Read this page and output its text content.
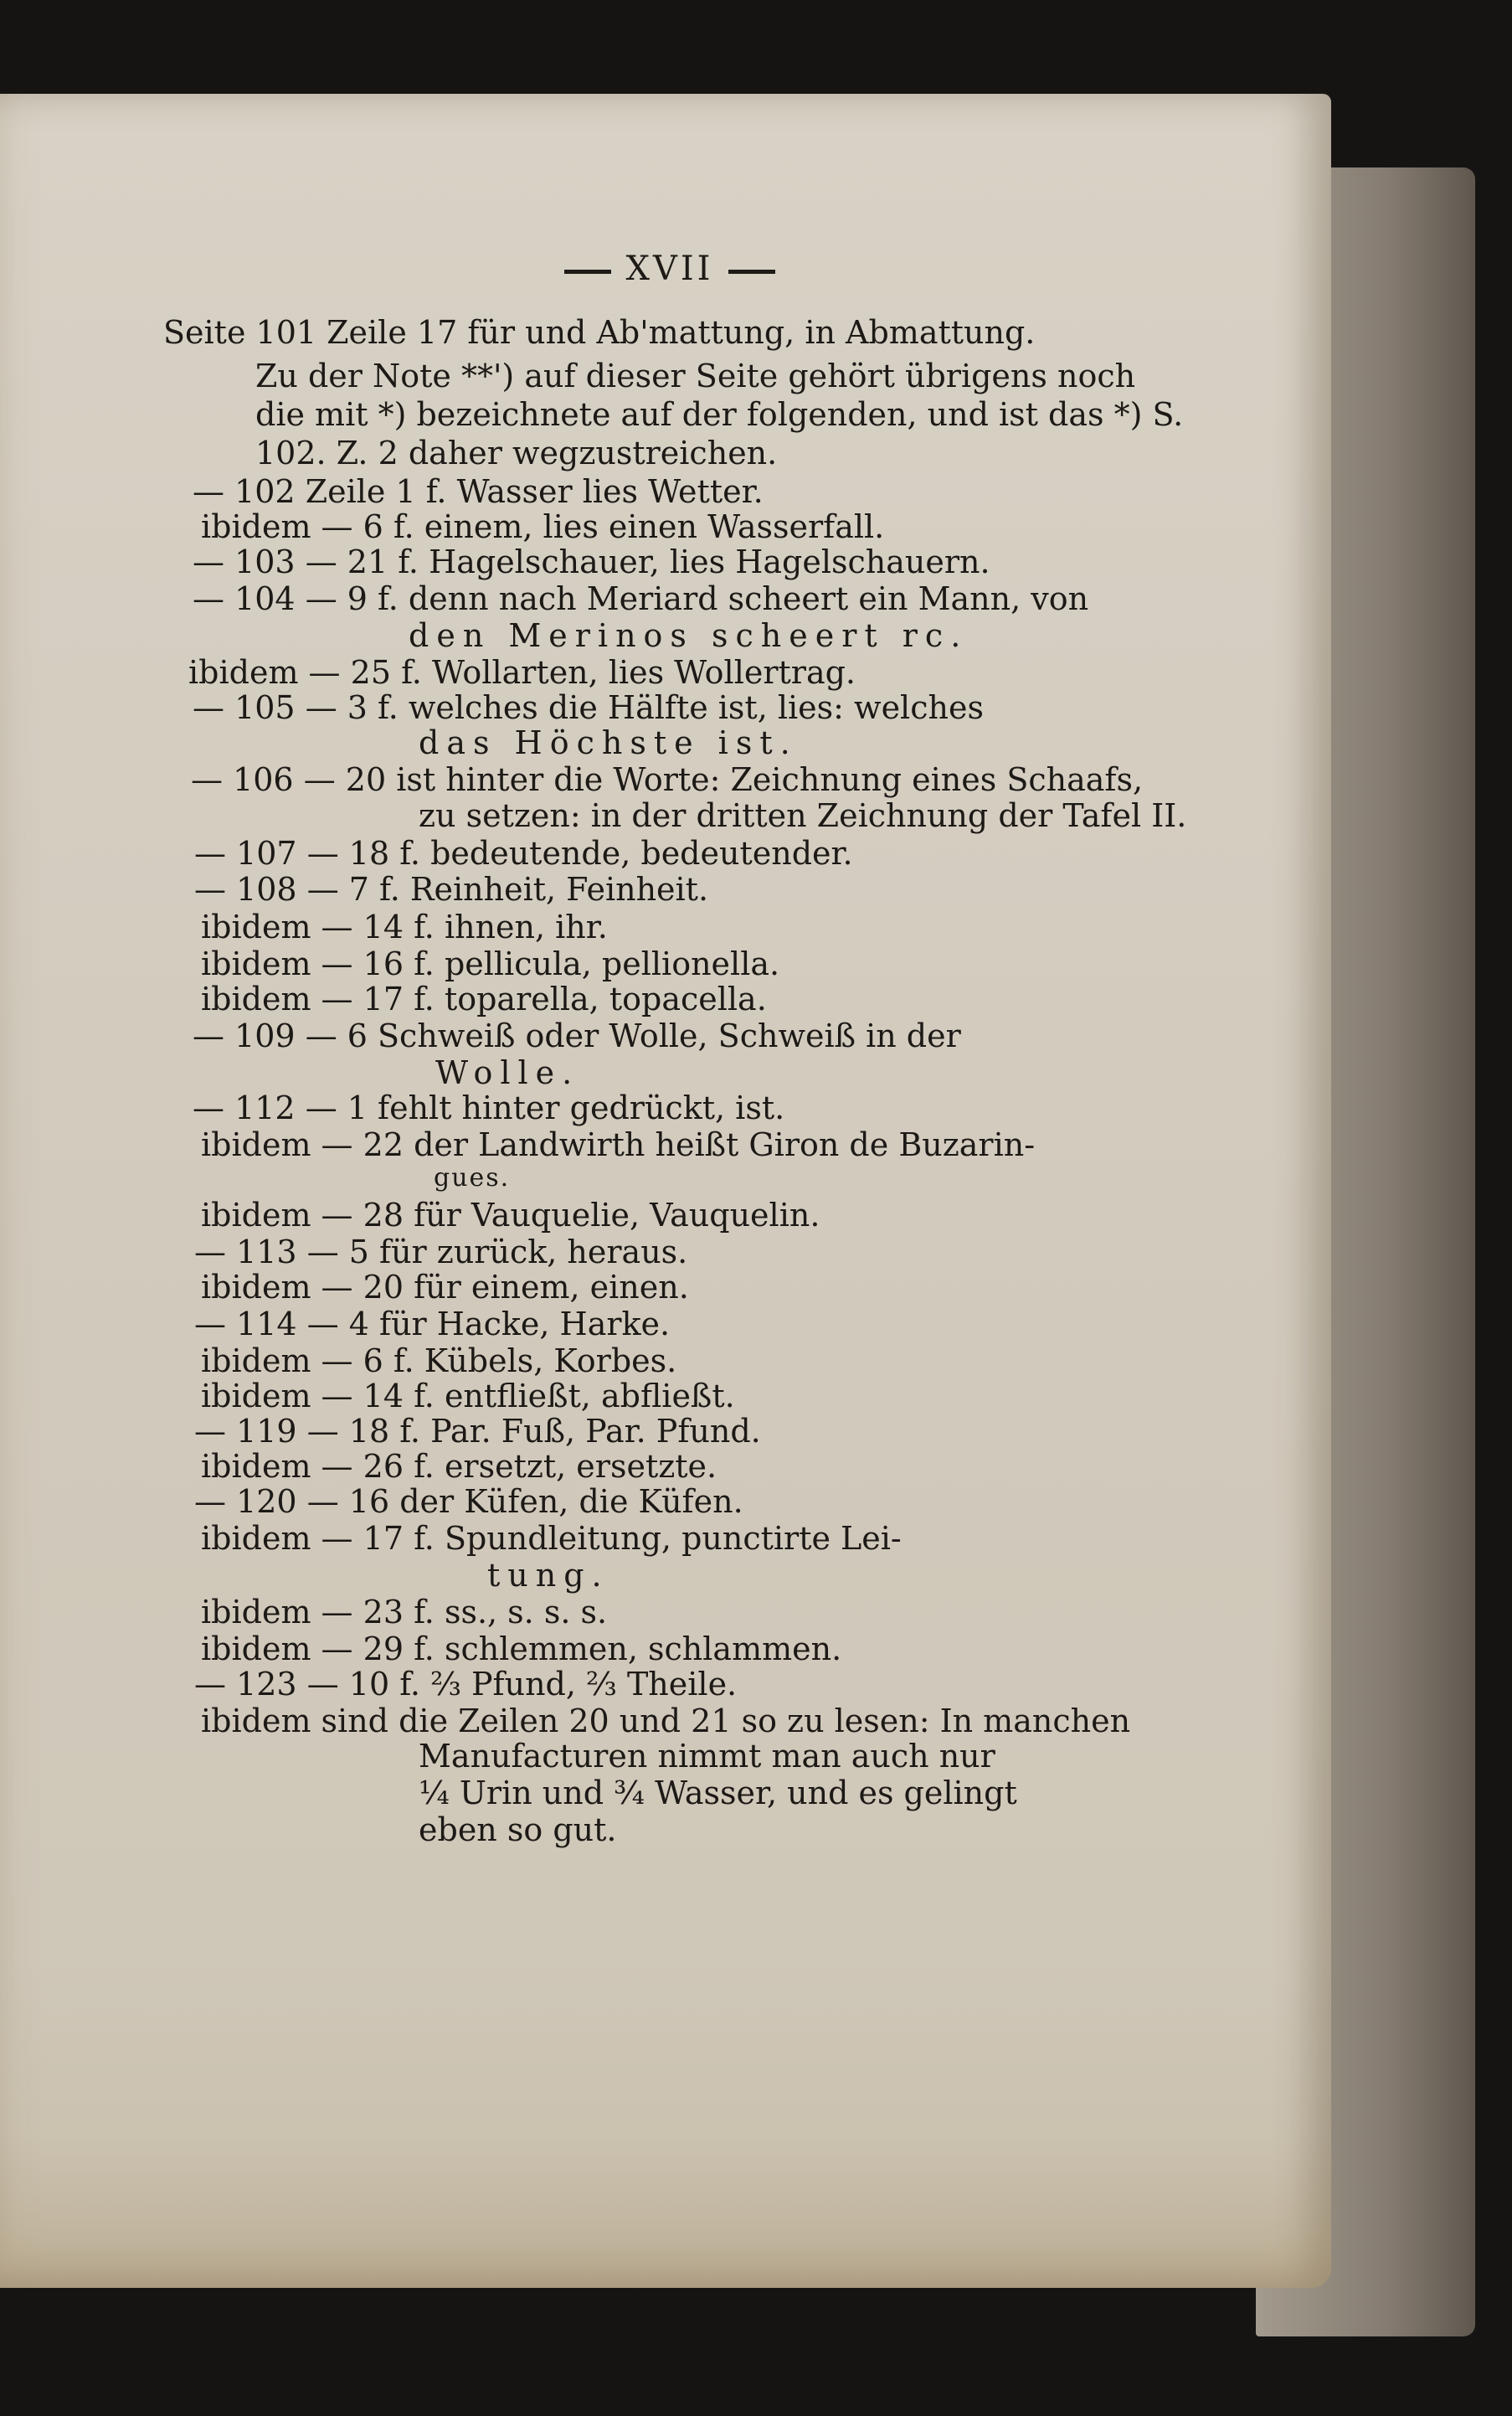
XVII
Seite 101 Zeile 17 für und Ab'mattung, in Abmattung.
Zu der Note **') auf dieser Seite gehört übrigens noch
die mit *) bezeichnete auf der folgenden, und ist das *) S.
102. Z. 2 daher wegzustreichen.
— 102 Zeile 1 f. Wasser lies Wetter.
ibidem — 6 f. einem, lies einen Wasserfall.
— 103 — 21 f. Hagelschauer, lies Hagelschauern.
— 104 — 9 f. denn nach Meriard scheert ein Mann, von
den Merinos scheert rc.
ibidem — 25 f. Wollarten, lies Wollertrag.
— 105 — 3 f. welches die Hälfte ist, lies: welches
das Höchste ist.
— 106 — 20 ist hinter die Worte: Zeichnung eines Schaafs,
zu setzen: in der dritten Zeichnung der Tafel II.
— 107 — 18 f. bedeutende, bedeutender.
— 108 — 7 f. Reinheit, Feinheit.
ibidem — 14 f. ihnen, ihr.
ibidem — 16 f. pellicula, pellionella.
ibidem — 17 f. toparella, topacella.
— 109 — 6 Schweiß oder Wolle, Schweiß in der
Wolle.
— 112 — 1 fehlt hinter gedrückt, ist.
ibidem — 22 der Landwirth heißt Giron de Buzarin-
gues.
ibidem — 28 für Vauquelie, Vauquelin.
— 113 — 5 für zurück, heraus.
ibidem — 20 für einem, einen.
— 114 — 4 für Hacke, Harke.
ibidem — 6 f. Kübels, Korbes.
ibidem — 14 f. entfließt, abfließt.
— 119 — 18 f. Par. Fuß, Par. Pfund.
ibidem — 26 f. ersetzt, ersetzte.
— 120 — 16 der Küfen, die Küfen.
ibidem — 17 f. Spundleitung, punctirte Lei-
tung.
ibidem — 23 f. ss., s. s. s.
ibidem — 29 f. schlemmen, schlammen.
— 123 — 10 f. ⅔ Pfund, ⅔ Theile.
ibidem sind die Zeilen 20 und 21 so zu lesen: In manchen
Manufacturen nimmt man auch nur
¼ Urin und ¾ Wasser, und es gelingt
eben so gut.
